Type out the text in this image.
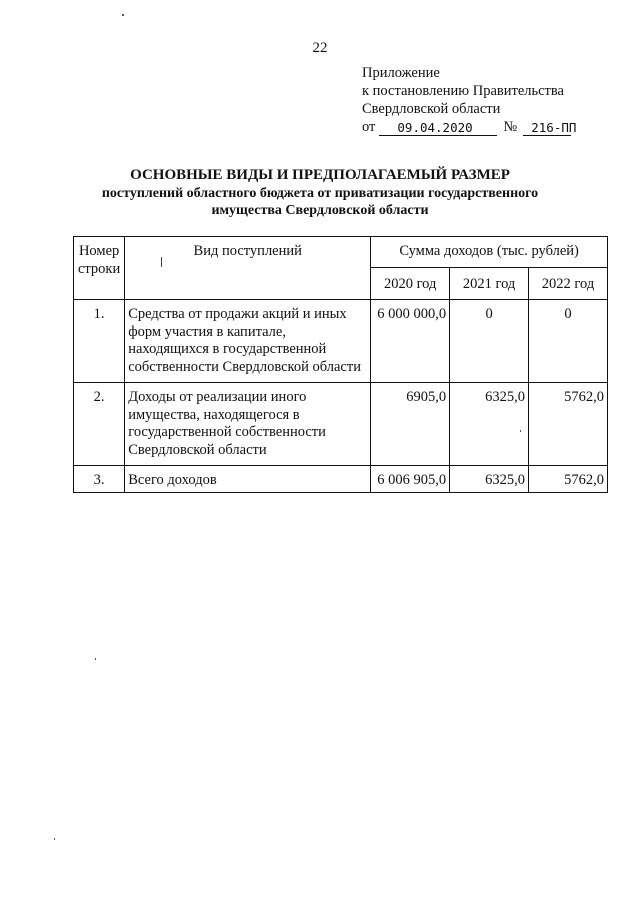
22
Приложение
к постановлению Правительства
Свердловской области
от	09.04.2020	№	216-ПП
ОСНОВНЫЕ ВИДЫ И ПРЕДПОЛАГАЕМЫЙ РАЗМЕР
поступлений областного бюджета от приватизации государственного
имущества Свердловской области
Номер строки	Вид поступлений	Сумма доходов (тыс. рублей)		
		2020 год	2021 год	2022 год
1.	Средства от продажи акций и иных форм участия в капитале, находящихся в государственной собственности Свердловской области	6 000 000,0	0	0
2.	Доходы от реализации иного имущества, находящегося в государственной собственности Свердловской области	6905,0	6325,0	5762,0
3.	Всего доходов	6 006 905,0	6325,0	5762,0
